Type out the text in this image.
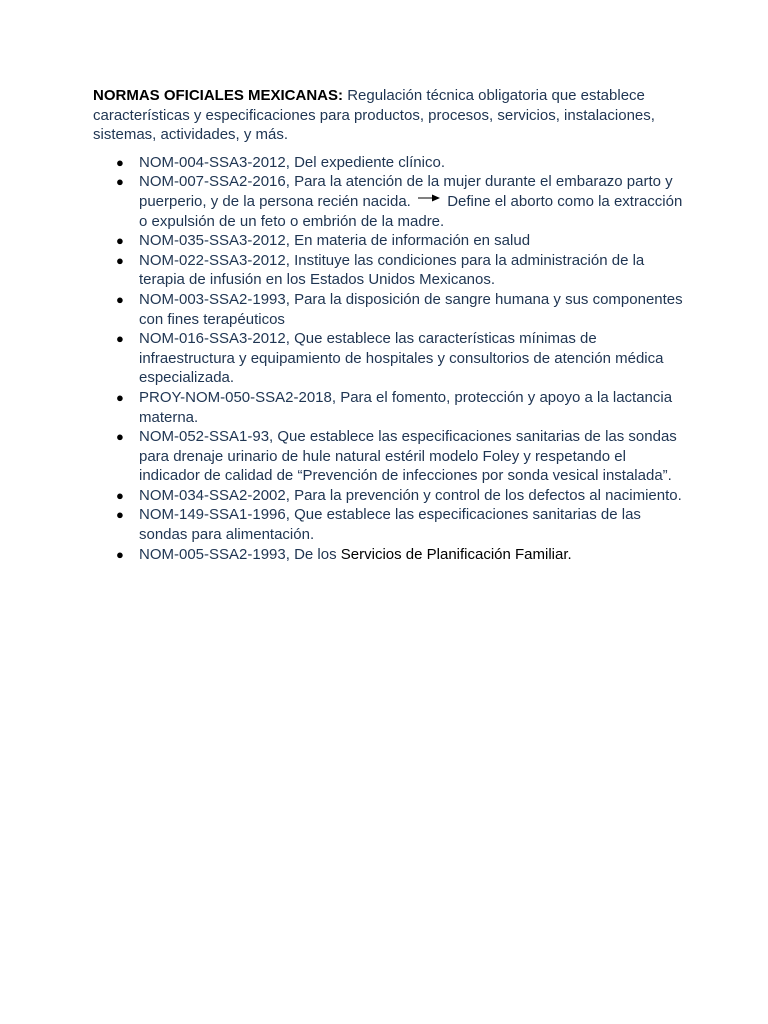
NORMAS OFICIALES MEXICANAS: Regulación técnica obligatoria que establece características y especificaciones para productos, procesos, servicios, instalaciones, sistemas, actividades, y más.

● NOM-004-SSA3-2012, Del expediente clínico.
● NOM-007-SSA2-2016, Para la atención de la mujer durante el embarazo parto y puerperio, y de la persona recién nacida. Define el aborto como la extracción o expulsión de un feto o embrión de la madre.
● NOM-035-SSA3-2012, En materia de información en salud
● NOM-022-SSA3-2012, Instituye las condiciones para la administración de la terapia de infusión en los Estados Unidos Mexicanos.
● NOM-003-SSA2-1993, Para la disposición de sangre humana y sus componentes con fines terapéuticos
● NOM-016-SSA3-2012, Que establece las características mínimas de infraestructura y equipamiento de hospitales y consultorios de atención médica especializada.
● PROY-NOM-050-SSA2-2018, Para el fomento, protección y apoyo a la lactancia materna.
● NOM-052-SSA1-93, Que establece las especificaciones sanitarias de las sondas para drenaje urinario de hule natural estéril modelo Foley y respetando el indicador de calidad de “Prevención de infecciones por sonda vesical instalada”.
● NOM-034-SSA2-2002, Para la prevención y control de los defectos al nacimiento.
● NOM-149-SSA1-1996, Que establece las especificaciones sanitarias de las sondas para alimentación.
● NOM-005-SSA2-1993, De los Servicios de Planificación Familiar.
